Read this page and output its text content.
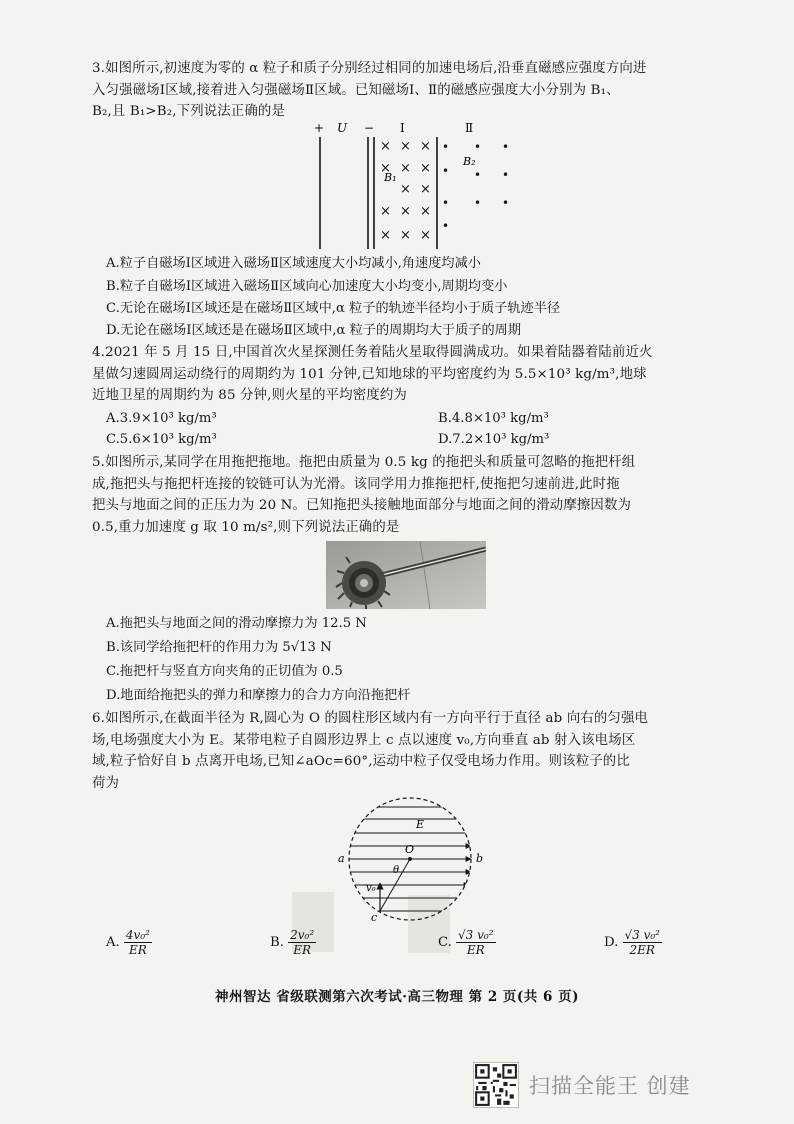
3.如图所示,初速度为零的 α 粒子和质子分别经过相同的加速电场后,沿垂直磁感应强度方向进

入匀强磁场Ⅰ区域,接着进入匀强磁场Ⅱ区域。已知磁场Ⅰ、Ⅱ的磁感应强度大小分别为 B₁、

B₂,且 B₁>B₂,下列说法正确的是

+ U − Ⅰ	Ⅱ
× × ×
× × ×
× ×
× × ×
× × ×
B₁
B₂
• • •
• • •
• • •
•
A.粒子自磁场Ⅰ区域进入磁场Ⅱ区域速度大小均减小,角速度均减小
B.粒子自磁场Ⅰ区域进入磁场Ⅱ区域向心加速度大小均变小,周期均变小
C.无论在磁场Ⅰ区域还是在磁场Ⅱ区域中,α 粒子的轨迹半径均小于质子轨迹半径
D.无论在磁场Ⅰ区域还是在磁场Ⅱ区域中,α 粒子的周期均大于质子的周期

4.2021 年 5 月 15 日,中国首次火星探测任务着陆火星取得圆满成功。如果着陆器着陆前近火

星做匀速圆周运动绕行的周期约为 101 分钟,已知地球的平均密度约为 5.5×10³ kg/m³,地球

近地卫星的周期约为 85 分钟,则火星的平均密度约为

A.3.9×10³ kg/m³	B.4.8×10³ kg/m³
C.5.6×10³ kg/m³	D.7.2×10³ kg/m³

5.如图所示,某同学在用拖把拖地。拖把由质量为 0.5 kg 的拖把头和质量可忽略的拖把杆组

成,拖把头与拖把杆连接的铰链可认为光滑。该同学用力推拖把杆,使拖把匀速前进,此时拖

把头与地面之间的正压力为 20 N。已知拖把头接触地面部分与地面之间的滑动摩擦因数为

0.5,重力加速度 g 取 10 m/s²,则下列说法正确的是

A.拖把头与地面之间的滑动摩擦力为 12.5 N
B.该同学给拖把杆的作用力为 5√13 N
C.拖把杆与竖直方向夹角的正切值为 0.5
D.地面给拖把头的弹力和摩擦力的合力方向沿拖把杆

6.如图所示,在截面半径为 R,圆心为 O 的圆柱形区域内有一方向平行于直径 ab 向右的匀强电

场,电场强度大小为 E。某带电粒子自圆形边界上 c 点以速度 v₀,方向垂直 ab 射入该电场区

域,粒子恰好自 b 点离开电场,已知∠aOc=60°,运动中粒子仅受电场力作用。则该粒子的比

荷为

E
O
θ
a	b
c
v₀
A. $\frac{\text{4v₀²}}{ER}$	B. $\frac{\text{2v₀²}}{ER}$	C. $\frac{\text{√3 v₀²}}{ER}$	D. $\frac{\text{√3 v₀²}}{2ER}$
神州智达 省级联测第六次考试·高三物理 第 2 页(共 6 页)
扫描全能王 创建
